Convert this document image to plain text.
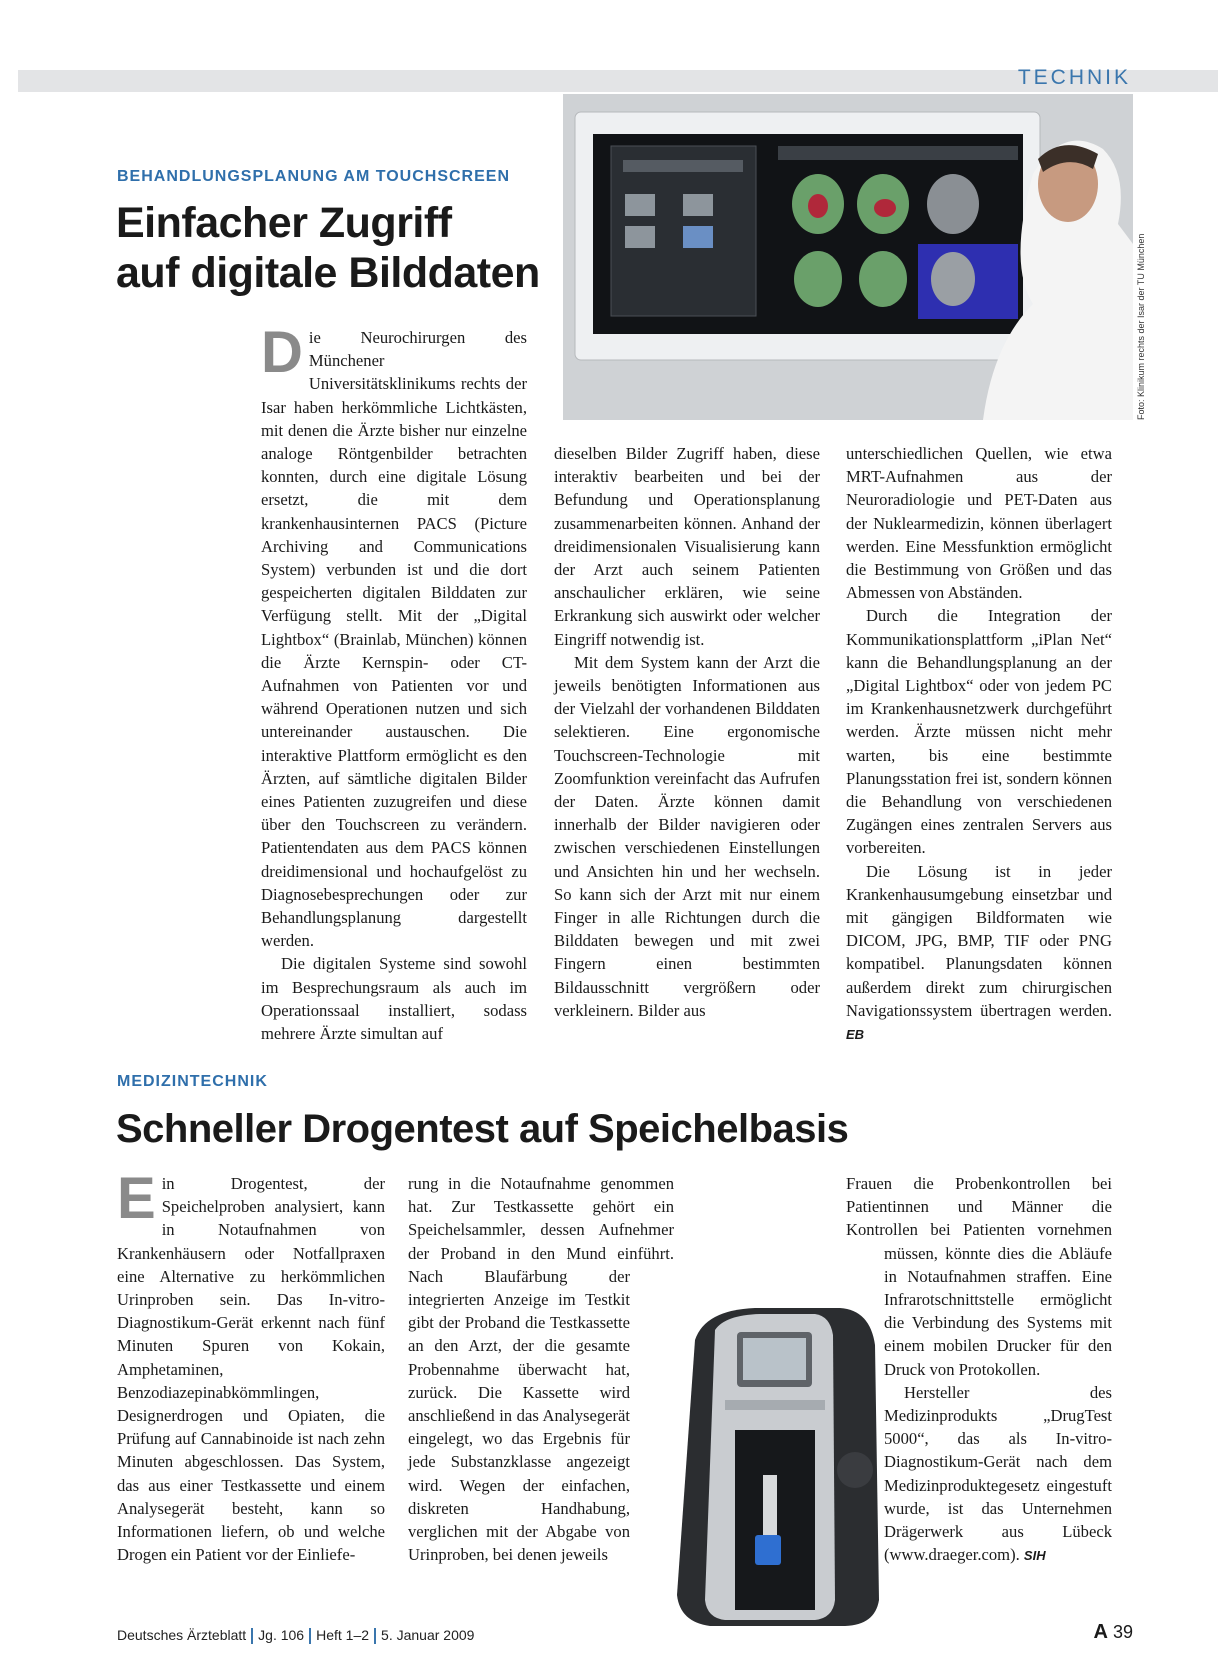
TECHNIK
BEHANDLUNGSPLANUNG AM TOUCHSCREEN
Einfacher Zugriff
auf digitale Bilddaten	Foto: Klinikum rechts der Isar der TU München
D ie Neurochirurgen des Münchener Universitätsklinikums rechts der Isar haben herkömmliche Lichtkästen, mit denen die Ärzte bisher nur einzelne analoge Röntgenbilder betrachten konnten, durch eine digitale Lösung ersetzt, die mit dem krankenhausinternen PACS (Picture Archiving and Communications System) verbunden ist und die dort gespeicherten digitalen Bilddaten zur Verfügung stellt. Mit der „Digital Lightbox“ (Brainlab, München) können die Ärzte Kernspin- oder CT-Aufnahmen von Patienten vor und während Operationen nutzen und sich untereinander austauschen. Die interaktive Plattform ermöglicht es den Ärzten, auf sämtliche digitalen Bilder eines Patienten zuzugreifen und diese über den Touchscreen zu verändern. Patientendaten aus dem PACS können dreidimensional und hochaufgelöst zu Diagnosebesprechungen oder zur Behandlungsplanung dargestellt werden.

Die digitalen Systeme sind sowohl im Besprechungsraum als auch im Operationssaal installiert, sodass mehrere Ärzte simultan auf

dieselben Bilder Zugriff haben, diese interaktiv bearbeiten und bei der Befundung und Operationsplanung zusammenarbeiten können. Anhand der dreidimensionalen Visualisierung kann der Arzt auch seinem Patienten anschaulicher erklären, wie seine Erkrankung sich auswirkt oder welcher Eingriff notwendig ist.

Mit dem System kann der Arzt die jeweils benötigten Informationen aus der Vielzahl der vorhandenen Bilddaten selektieren. Eine ergonomische Touchscreen-Technologie mit Zoomfunktion vereinfacht das Aufrufen der Daten. Ärzte können damit innerhalb der Bilder navigieren oder zwischen verschiedenen Einstellungen und Ansichten hin und her wechseln. So kann sich der Arzt mit nur einem Finger in alle Richtungen durch die Bilddaten bewegen und mit zwei Fingern einen bestimmten Bildausschnitt vergrößern oder verkleinern. Bilder aus

unterschiedlichen Quellen, wie etwa MRT-Aufnahmen aus der Neuroradiologie und PET-Daten aus der Nuklearmedizin, können überlagert werden. Eine Messfunktion ermöglicht die Bestimmung von Größen und das Abmessen von Abständen.

Durch die Integration der Kommunikationsplattform „iPlan Net“ kann die Behandlungsplanung an der „Digital Lightbox“ oder von jedem PC im Krankenhausnetzwerk durchgeführt werden. Ärzte müssen nicht mehr warten, bis eine bestimmte Planungsstation frei ist, sondern können die Behandlung von verschiedenen Zugängen eines zentralen Servers aus vorbereiten.

Die Lösung ist in jeder Krankenhausumgebung einsetzbar und mit gängigen Bildformaten wie DICOM, JPG, BMP, TIF oder PNG kompatibel. Planungsdaten können außerdem direkt zum chirurgischen Navigationssystem übertragen werden. EB

MEDIZINTECHNIK
Schneller Drogentest auf Speichelbasis
E in Drogentest, der Speichelproben analysiert, kann in Notaufnahmen von Krankenhäusern oder Notfallpraxen eine Alternative zu herkömmlichen Urinproben sein. Das In-vitro-Diagnostikum-Gerät erkennt nach fünf Minuten Spuren von Kokain, Amphetaminen, Benzodiazepinabkömmlingen, Designerdrogen und Opiaten, die Prüfung auf Cannabinoide ist nach zehn Minuten abgeschlossen. Das System, das aus einer Testkassette und einem Analysegerät besteht, kann so Informationen liefern, ob und welche Drogen ein Patient vor der Einliefe-

rung in die Notaufnahme genommen hat. Zur Testkassette gehört ein Speichelsammler, dessen Aufnehmer der Proband in den Mund einführt. Nach Blaufärbung der integrierten Anzeige im Testkit gibt der Proband die Testkassette an den Arzt, der die gesamte Probennahme überwacht hat, zurück. Die Kassette wird anschließend in das Analysegerät eingelegt, wo das Ergebnis für jede Substanzklasse angezeigt wird. Wegen der einfachen, diskreten Handhabung, verglichen mit der Abgabe von Urinproben, bei denen jeweils

Frauen die Probenkontrollen bei Patientinnen und Männer die Kontrollen bei Patienten vornehmen müssen, könnte dies die Abläufe in Notaufnahmen straffen. Eine Infrarotschnittstelle ermöglicht die Verbindung des Systems mit einem mobilen Drucker für den Druck von Protokollen.

Hersteller des Medizinprodukts „DrugTest 5000“, das als In-vitro-Diagnostikum-Gerät nach dem Medizinproduktegesetz eingestuft wurde, ist das Unternehmen Drägerwerk aus Lübeck (www.draeger.com). SIH

Deutsches Ärzteblatt Jg. 106 Heft 1–2 5. Januar 2009	A 39
